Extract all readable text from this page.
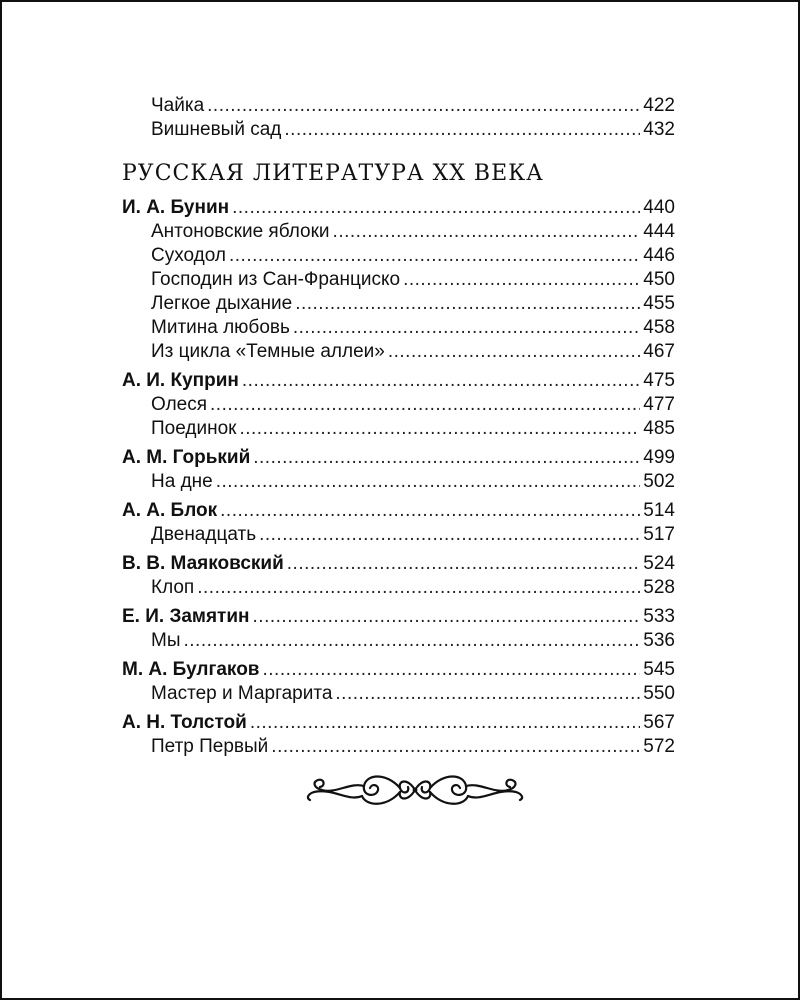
Чайка .....	422
Вишневый сад .....	432
РУССКАЯ ЛИТЕРАТУРА XX ВЕКА
И. А. Бунин .....	440
Антоновские яблоки .....	444
Суходол .....	446
Господин из Сан-Франциско .....	450
Легкое дыхание .....	455
Митина любовь .....	458
Из цикла «Темные аллеи» .....	467
А. И. Куприн .....	475
Олеся .....	477
Поединок .....	485
А. М. Горький .....	499
На дне .....	502
А. А. Блок .....	514
Двенадцать .....	517
В. В. Маяковский .....	524
Клоп .....	528
Е. И. Замятин .....	533
Мы .....	536
М. А. Булгаков .....	545
Мастер и Маргарита .....	550
А. Н. Толстой .....	567
Петр Первый .....	572
